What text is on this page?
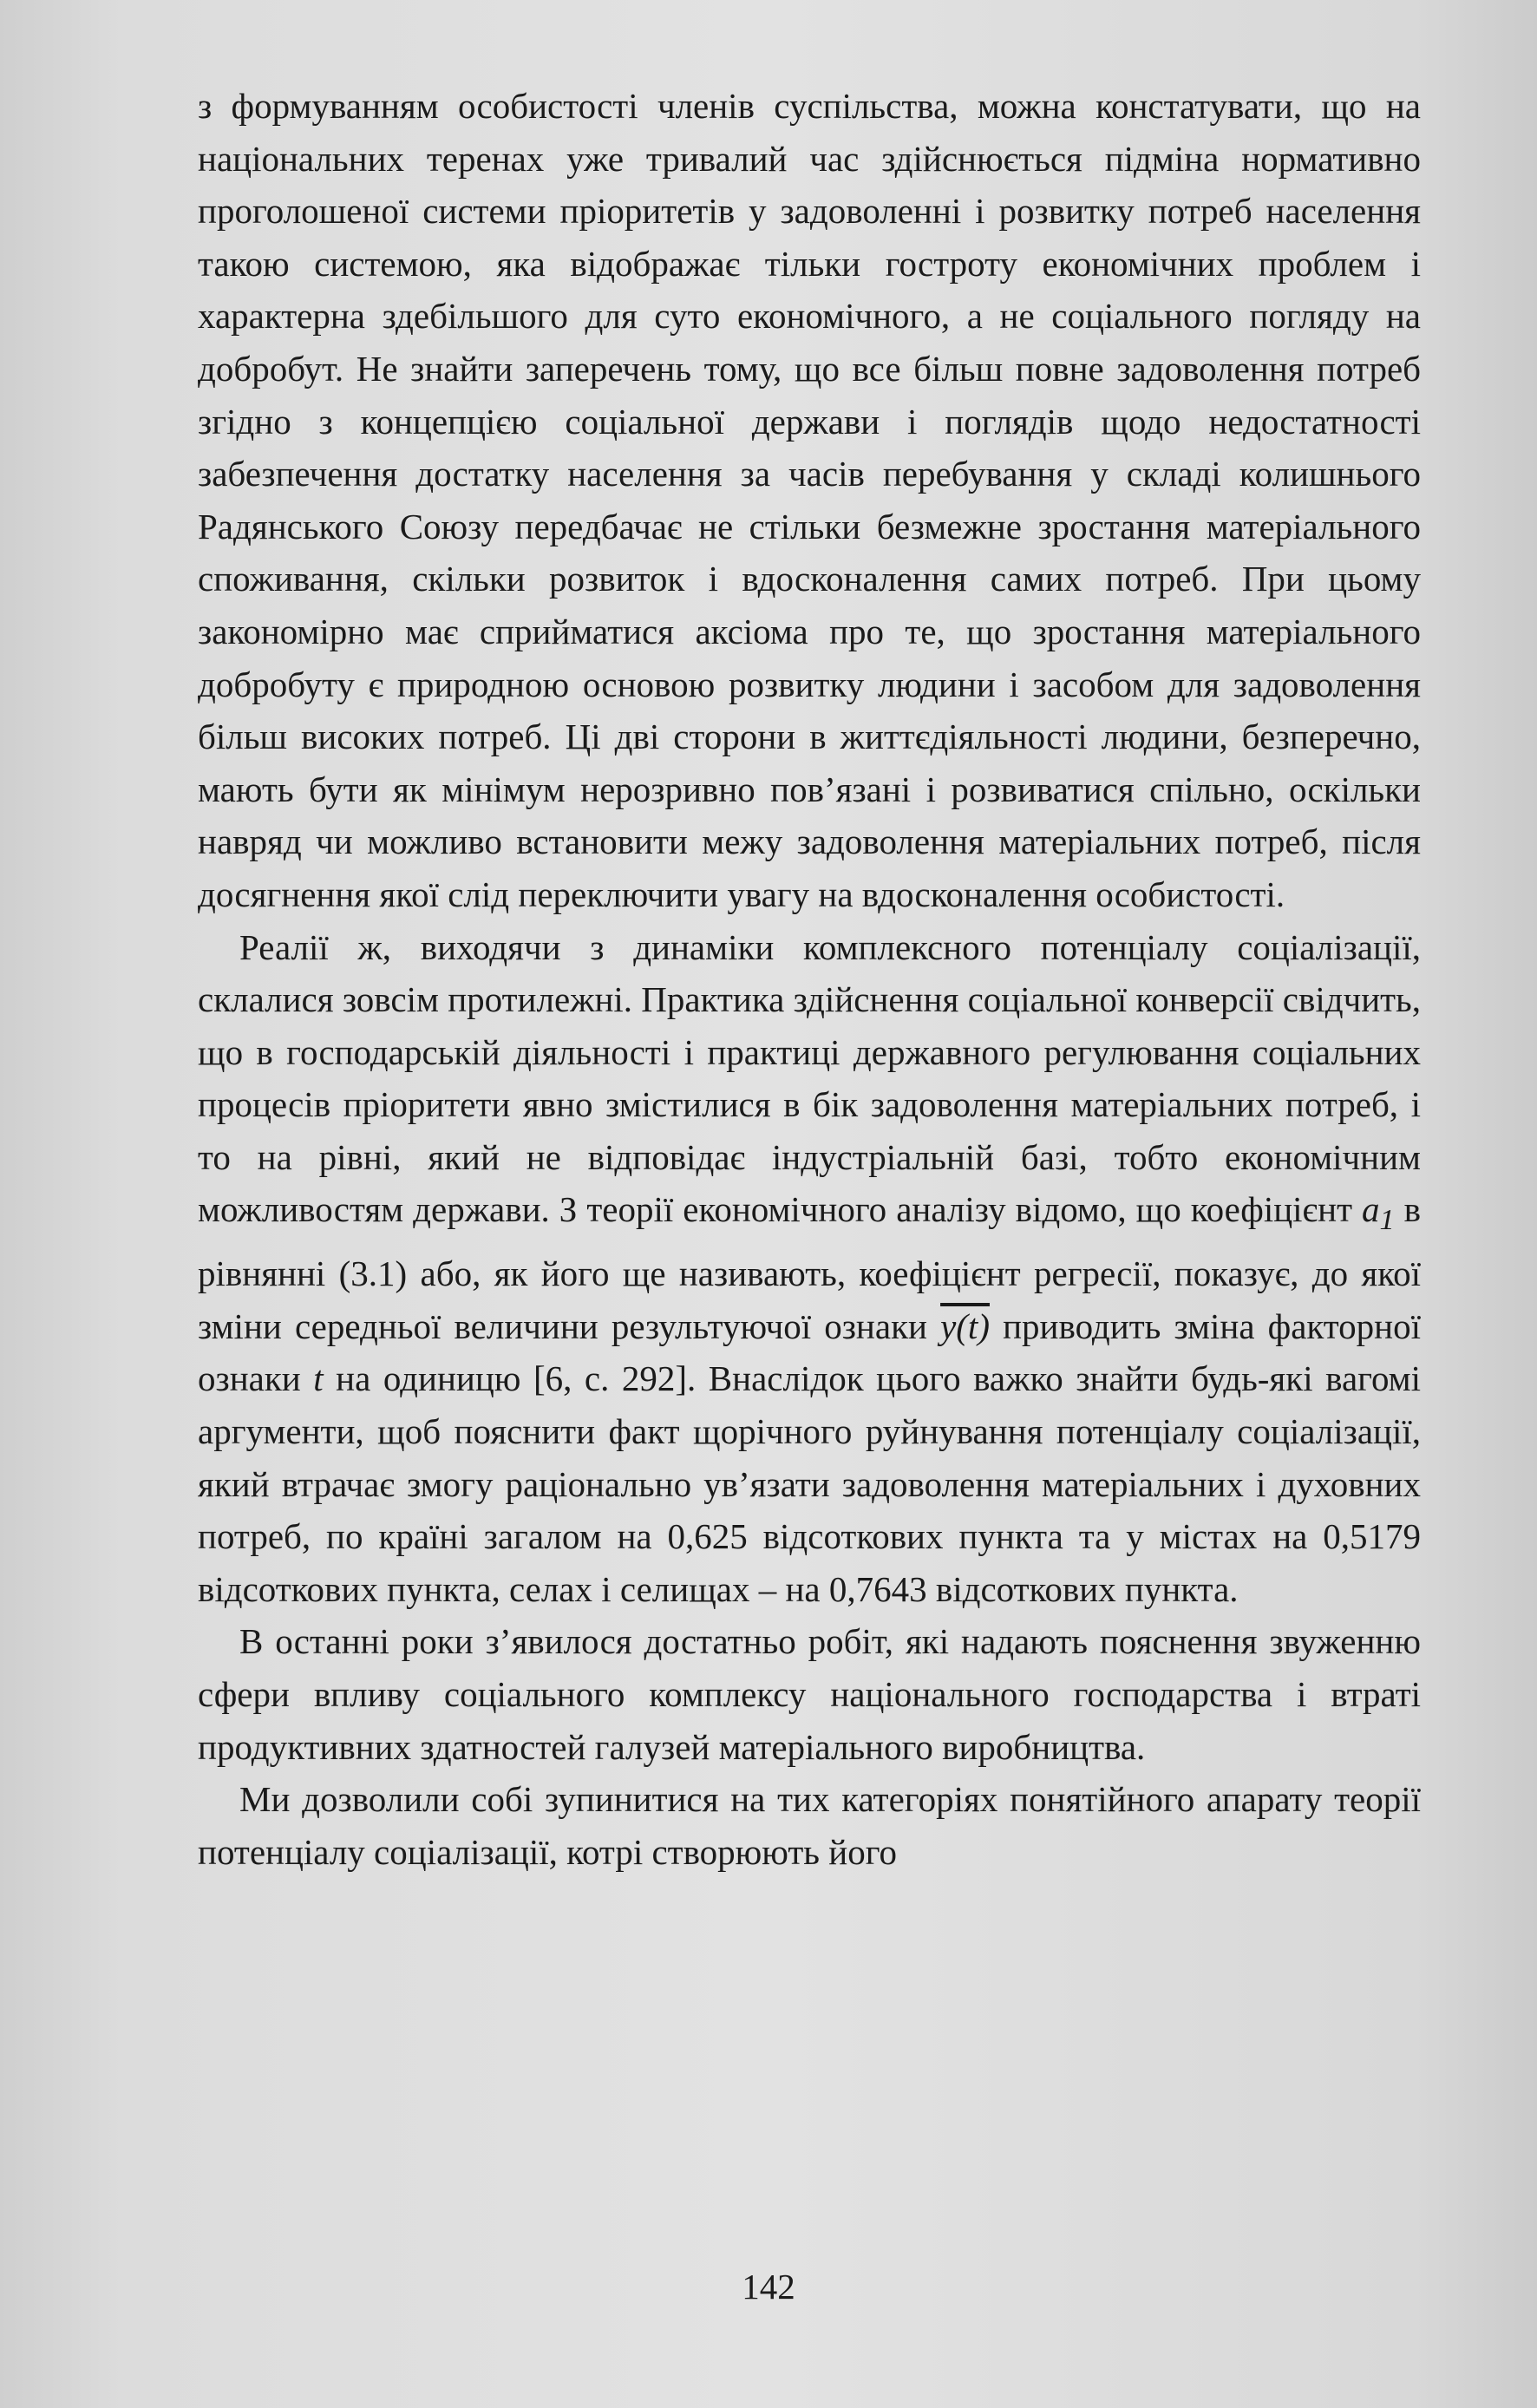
з формуванням особистості членів суспільства, можна констатувати, що на національних теренах уже тривалий час здійснюється підміна нормативно проголошеної системи пріоритетів у задоволенні і розвитку потреб населення такою системою, яка відображає тільки гостроту економічних проблем і характерна здебільшого для суто економічного, а не соціального погляду на добробут. Не знайти заперечень тому, що все більш повне задоволення потреб згідно з концепцією соціальної держави і поглядів щодо недостатності забезпечення достатку населення за часів перебування у складі колишнього Радянського Союзу передбачає не стільки безмежне зростання матеріального споживання, скільки розвиток і вдосконалення самих потреб. При цьому закономірно має сприйматися аксіома про те, що зростання матеріального добробуту є природною основою розвитку людини і засобом для задоволення більш високих потреб. Ці дві сторони в життєдіяльності людини, безперечно, мають бути як мінімум нерозривно пов’язані і розвиватися спільно, оскільки навряд чи можливо встановити межу задоволення матеріальних потреб, після досягнення якої слід переключити увагу на вдосконалення особистості.

Реалії ж, виходячи з динаміки комплексного потенціалу соціалізації, склалися зовсім протилежні. Практика здійснення соціальної конверсії свідчить, що в господарській діяльності і практиці державного регулювання соціальних процесів пріоритети явно змістилися в бік задоволення матеріальних потреб, і то на рівні, який не відповідає індустріальній базі, тобто економічним можливостям держави. З теорії економічного аналізу відомо, що коефіцієнт $a_1$ в рівнянні (3.1) або, як його ще називають, коефіцієнт регресії, показує, до якої зміни середньої величини результуючої ознаки y(t) приводить зміна факторної ознаки t на одиницю [6, с. 292]. Внаслідок цього важко знайти будь-які вагомі аргументи, щоб пояснити факт щорічного руйнування потенціалу соціалізації, який втрачає змогу раціонально ув’язати задоволення матеріальних і духовних потреб, по країні загалом на 0,625 відсоткових пункта та у містах на 0,5179 відсоткових пункта, селах і селищах – на 0,7643 відсоткових пункта.

В останні роки з’явилося достатньо робіт, які надають пояснення звуженню сфери впливу соціального комплексу національного господарства і втраті продуктивних здатностей галузей матеріального виробництва.

Ми дозволили собі зупинитися на тих категоріях понятійного апарату теорії потенціалу соціалізації, котрі створюють його

142
